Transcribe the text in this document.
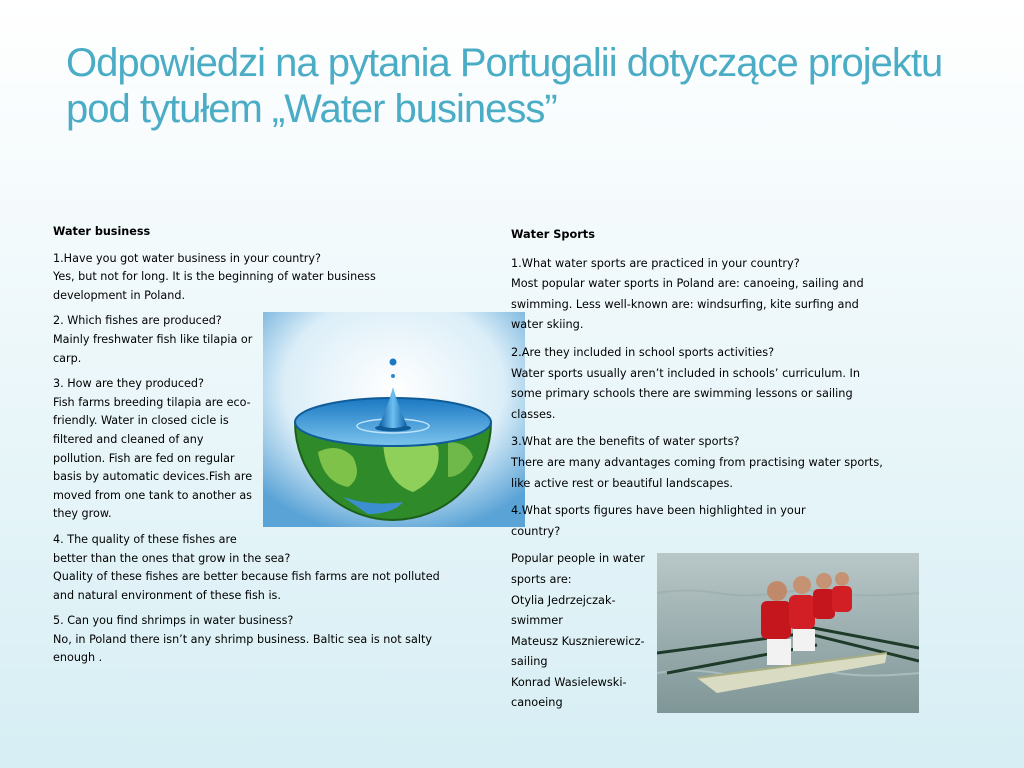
Odpowiedzi na pytania Portugalii dotyczące projektu pod tytułem „Water business”

Water business

1.Have you got water business in your country?
Yes, but not for long. It is the beginning of water business development in Poland.

2. Which fishes are produced?
Mainly freshwater fish like tilapia or carp.

3. How are they produced?
Fish farms breeding tilapia are eco-friendly. Water in closed cicle is filtered and cleaned of any pollution. Fish are fed on regular basis by automatic devices.Fish are moved from one tank to another as they grow.

4. The quality of these fishes are better than the ones that grow in the sea?
Quality of these fishes are better because fish farms are not polluted and natural environment of these fish is.

5. Can you find shrimps in water business?
No, in Poland there isn’t any shrimp business. Baltic sea is not salty enough .

Water Sports

1.What water sports are practiced in your country?
Most popular water sports in Poland are: canoeing, sailing and swimming. Less well-known are: windsurfing, kite surfing and water skiing.

2.Are they included in school sports activities?
Water sports usually aren’t included in schools’ curriculum. In some primary schools there are swimming lessons or sailing classes.

3.What are the benefits of water sports?
There are many advantages coming from practising water sports, like active rest or beautiful landscapes.

4.What sports figures have been highlighted in your country?

Popular people in water sports are:
Otylia Jedrzejczak-swimmer
Mateusz Kusznierewicz-sailing
Konrad Wasielewski-canoeing
